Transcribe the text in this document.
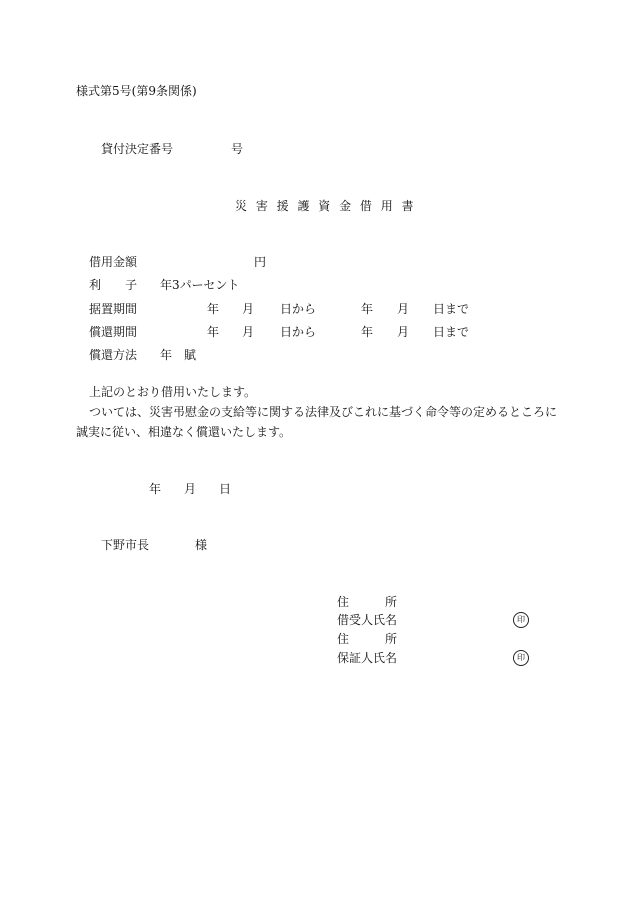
様式第5号(第9条関係)
貸付決定番号	号
災 害 援 護 資 金 借 用 書
借用金額	円
利　　子 年3パーセント
据置期間	年 月 日から	年 月 日まで
償還期間	年 月 日から	年 月 日まで
償還方法 年　賦
上記のとおり借用いたします。
ついては、災害弔慰金の支給等に関する法律及びこれに基づく命令等の定めるところに
誠実に従い、相違なく償還いたします。
年 月 日
下野市長	様
住　　　所
借受人氏名	印
住　　　所
保証人氏名	印
